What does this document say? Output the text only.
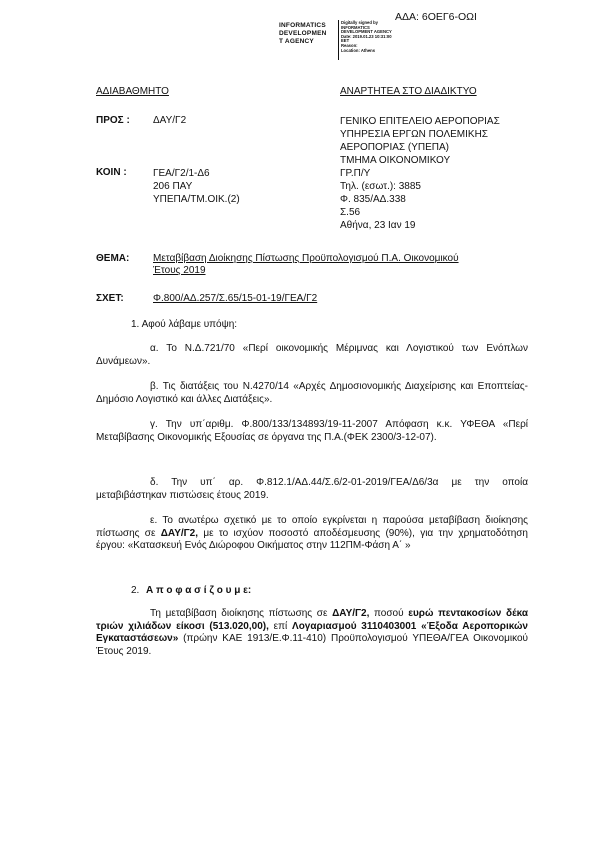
ΑΔΑ: 6ΟΕΓ6-ΟΩΙ
INFORMATICS
DEVELOPMEN
T AGENCY
Digitally signed by
INFORMATICS
DEVELOPMENT AGENCY
Date: 2019.01.23 10:31:00
EET
Reason:
Location: Athens
ΑΔΙΑΒΑΘΜΗΤΟ	ΑΝΑΡΤΗΤΕΑ ΣΤΟ ΔΙΑΔΙΚΤΥΟ
ΠΡΟΣ : ΔΑΥ/Γ2	ΓΕΝΙΚΟ ΕΠΙΤΕΛΕΙΟ ΑΕΡΟΠΟΡΙΑΣ
ΥΠΗΡΕΣΙΑ ΕΡΓΩΝ ΠΟΛΕΜΙΚΗΣ
ΑΕΡΟΠΟΡΙΑΣ (ΥΠΕΠΑ)
ΤΜΗΜΑ ΟΙΚΟΝΟΜΙΚΟΥ
ΓΡ.Π/Υ
Τηλ. (εσωτ.): 3885
Φ. 835/ΑΔ.338
Σ.56
Αθήνα, 23 Ιαν 19
ΚΟΙΝ :	ΓΕΑ/Γ2/1-Δ6
206 ΠΑΥ
ΥΠΕΠΑ/ΤΜ.ΟΙΚ.(2)
ΘΕΜΑ: Μεταβίβαση Διοίκησης Πίστωσης Προϋπολογισμού Π.Α. Οικονομικού
Έτους 2019
ΣΧΕΤ:	Φ.800/ΑΔ.257/Σ.65/15-01-19/ΓΕΑ/Γ2
1. Αφού λάβαμε υπόψη:
α. Το Ν.Δ.721/70 «Περί οικονομικής Μέριμνας και Λογιστικού των Ενόπλων Δυνάμεων».
β. Τις διατάξεις του Ν.4270/14 «Αρχές Δημοσιονομικής Διαχείρισης και Εποπτείας-Δημόσιο Λογιστικό και άλλες Διατάξεις».
γ. Την υπ΄αριθμ. Φ.800/133/134893/19-11-2007 Απόφαση κ.κ. ΥΦΕΘΑ «Περί Μεταβίβασης Οικονομικής Εξουσίας σε όργανα της Π.Α.(ΦΕΚ 2300/3-12-07).
δ. Την υπ΄ αρ. Φ.812.1/ΑΔ.44/Σ.6/2-01-2019/ΓΕΑ/Δ6/3α με την οποία μεταβιβάστηκαν πιστώσεις έτους 2019.
ε. Το ανωτέρω σχετικό με το οποίο εγκρίνεται η παρούσα μεταβίβαση διοίκησης πίστωσης σε ΔΑΥ/Γ2, με το ισχύον ποσοστό αποδέσμευσης (90%), για την χρηματοδότηση έργου: «Κατασκευή Ενός Διώροφου Οικήματος στην 112ΠΜ-Φάση Α΄ »
2. Α π ο φ α σ ί ζ ο υ μ ε:
Τη μεταβίβαση διοίκησης πίστωσης σε ΔΑΥ/Γ2, ποσού ευρώ πεντακοσίων δέκα τριών χιλιάδων είκοσι (513.020,00), επί Λογαριασμού 3110403001 «Έξοδα Αεροπορικών Εγκαταστάσεων» (πρώην ΚΑΕ 1913/Ε.Φ.11-410) Προϋπολογισμού ΥΠΕΘΑ/ΓΕΑ Οικονομικού Έτους 2019.
